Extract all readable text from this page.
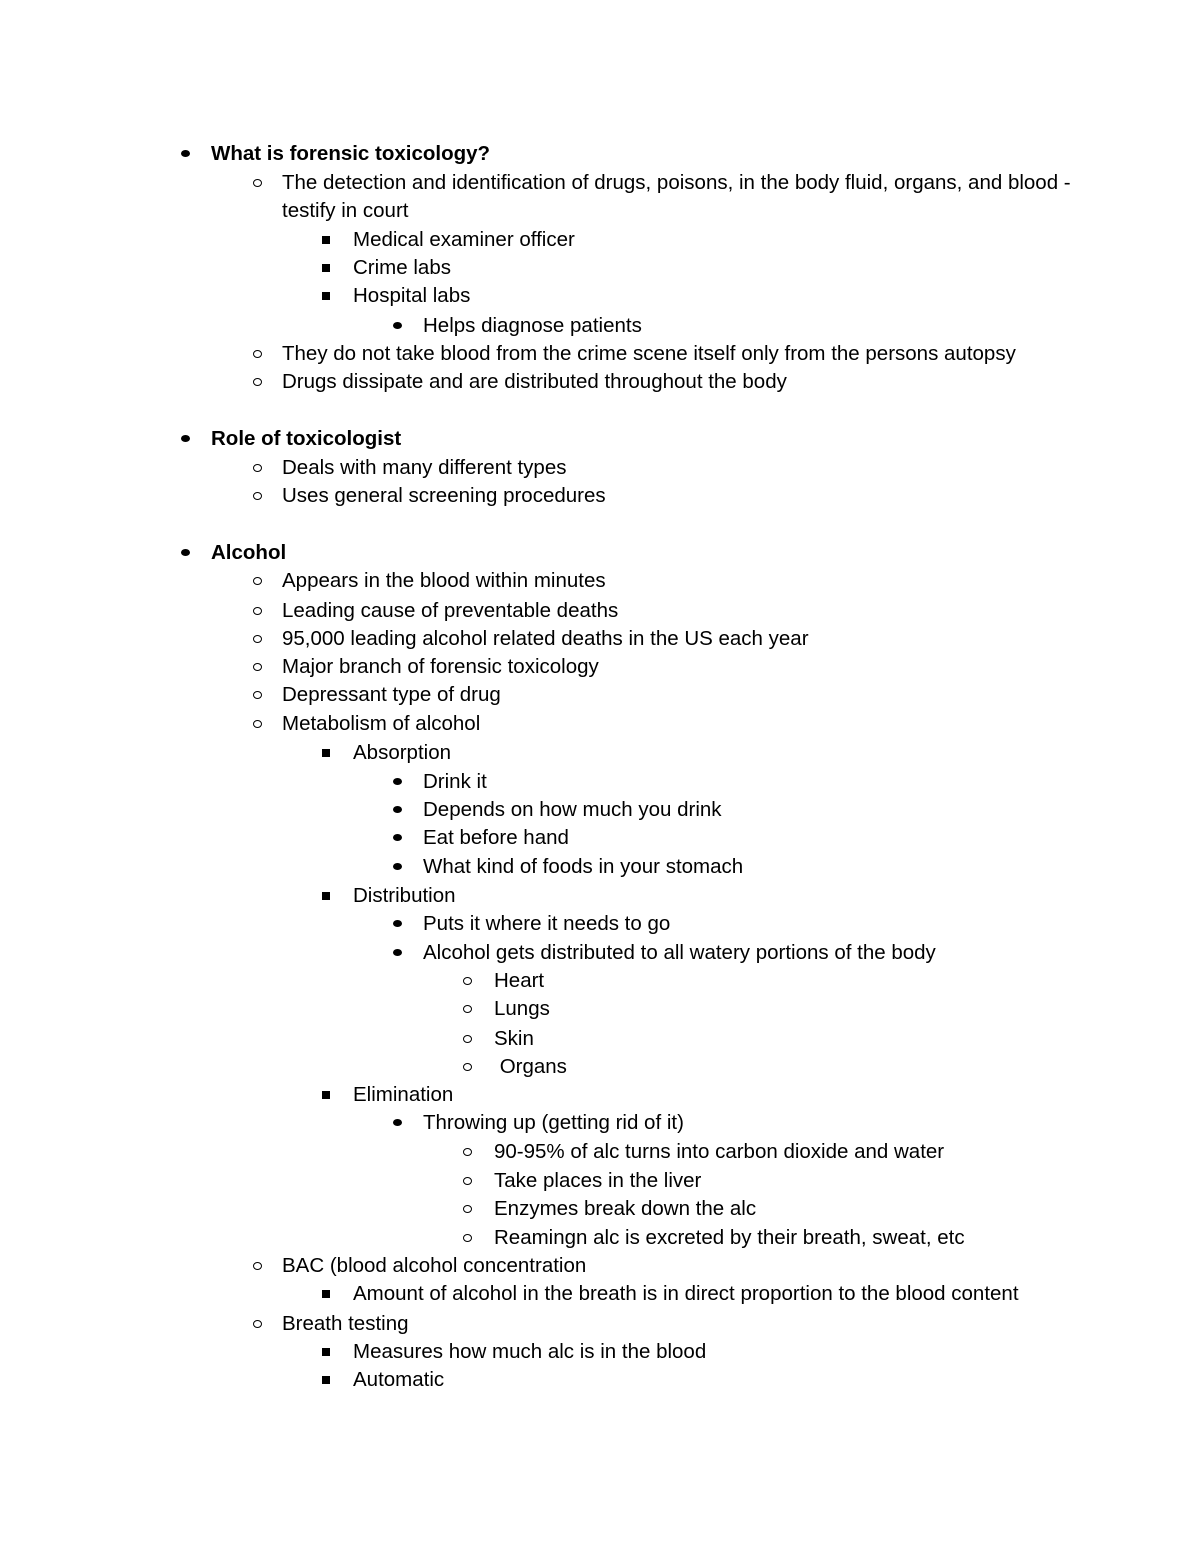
What is forensic toxicology?
The detection and identification of drugs, poisons, in the body fluid, organs, and blood - testify in court
Medical examiner officer
Crime labs
Hospital labs
Helps diagnose patients
They do not take blood from the crime scene itself only from the persons autopsy
Drugs dissipate and are distributed throughout the body
Role of toxicologist
Deals with many different types
Uses general screening procedures
Alcohol
Appears in the blood within minutes
Leading cause of preventable deaths
95,000 leading alcohol related deaths in the US each year
Major branch of forensic toxicology
Depressant type of drug
Metabolism of alcohol
Absorption
Drink it
Depends on how much you drink
Eat before hand
What kind of foods in your stomach
Distribution
Puts it where it needs to go
Alcohol gets distributed to all watery portions of the body
Heart
Lungs
Skin
Organs
Elimination
Throwing up (getting rid of it)
90-95% of alc turns into carbon dioxide and water
Take places in the liver
Enzymes break down the alc
Reamingn alc is excreted by their breath, sweat, etc
BAC (blood alcohol concentration
Amount of alcohol in the breath is in direct proportion to the blood content
Breath testing
Measures how much alc is in the blood
Automatic
